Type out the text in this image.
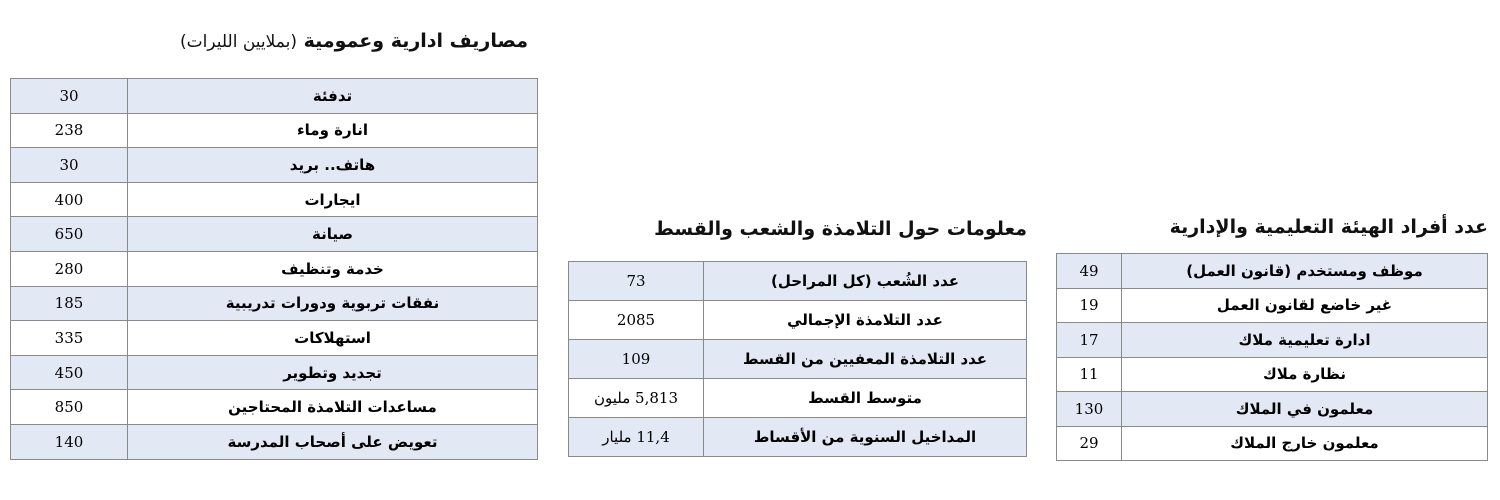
مصاريف ادارية وعمومية (بملايين الليرات)
30	تدفئة
238	انارة وماء
30	هاتف.. بريد
400	ايجارات
650	صيانة
280	خدمة وتنظيف
185	نفقات تربوية ودورات تدريبية
335	استهلاكات
450	تجديد وتطوير
850	مساعدات التلامذة المحتاجين
140	تعويض على أصحاب المدرسة
معلومات حول التلامذة والشعب والقسط
73	عدد الشُعب (كل المراحل)
2085	عدد التلامذة الإجمالي
109	عدد التلامذة المعفيين من القسط
5,813 مليون	متوسط القسط
11,4 مليار	المداخيل السنوية من الأقساط
عدد أفراد الهيئة التعليمية والإدارية
49	موظف ومستخدم (قانون العمل)
19	غير خاضع لقانون العمل
17	ادارة تعليمية ملاك
11	نظارة ملاك
130	معلمون في الملاك
29	معلمون خارج الملاك
